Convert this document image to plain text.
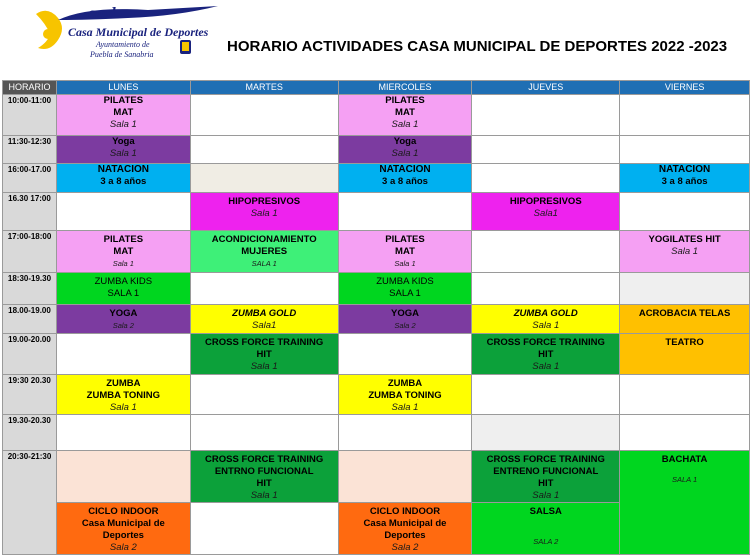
cmd
Casa Municipal de Deportes
Ayuntamiento de
Puebla de Sanabria	HORARIO ACTIVIDADES CASA MUNICIPAL DE DEPORTES 2022 -2023
HORARIO	LUNES	MARTES	MIERCOLES	JUEVES	VIERNES
10:00-11:00	PILATES
MAT
Sala 1		PILATES
MAT
Sala 1		

11:30-12:30	Yoga
Sala 1		Yoga
Sala 1		

16:00-17.00	NATACION
3 a 8 años		NATACION
3 a 8 años		NATACION
3 a 8 años

16.30 17:00		HIPOPRESIVOS
Sala 1		HIPOPRESIVOS
Sala1	

17:00-18:00	PILATES
MAT
Sala 1	ACONDICIONAMIENTO
MUJERES
SALA 1	PILATES
MAT
Sala 1		YOGILATES HIT
Sala 1

18:30-19.30	ZUMBA KIDS
SALA 1		ZUMBA KIDS
SALA 1		

18.00-19.00	YOGA
Sala 2	ZUMBA GOLD
Sala1	YOGA
Sala 2	ZUMBA GOLD
Sala 1	ACROBACIA TELAS

19.00-20.00		CROSS FORCE TRAINING
HIT
Sala 1		CROSS FORCE TRAINING
HIT
Sala 1	TEATRO

19:30 20.30	ZUMBA
ZUMBA TONING
Sala 1		ZUMBA
ZUMBA TONING
Sala 1		

19.30-20.30					
20:30-21:30		CROSS FORCE TRAINING
ENTRNO FUNCIONAL
HIT
Sala 1		CROSS FORCE TRAINING
ENTRENO FUNCIONAL
HIT
Sala 1	BACHATA
SALA 1

	CICLO INDOOR
Casa Municipal de
Deportes
Sala 2		CICLO INDOOR
Casa Municipal de
Deportes
Sala 2	SALSA
SALA 2	
